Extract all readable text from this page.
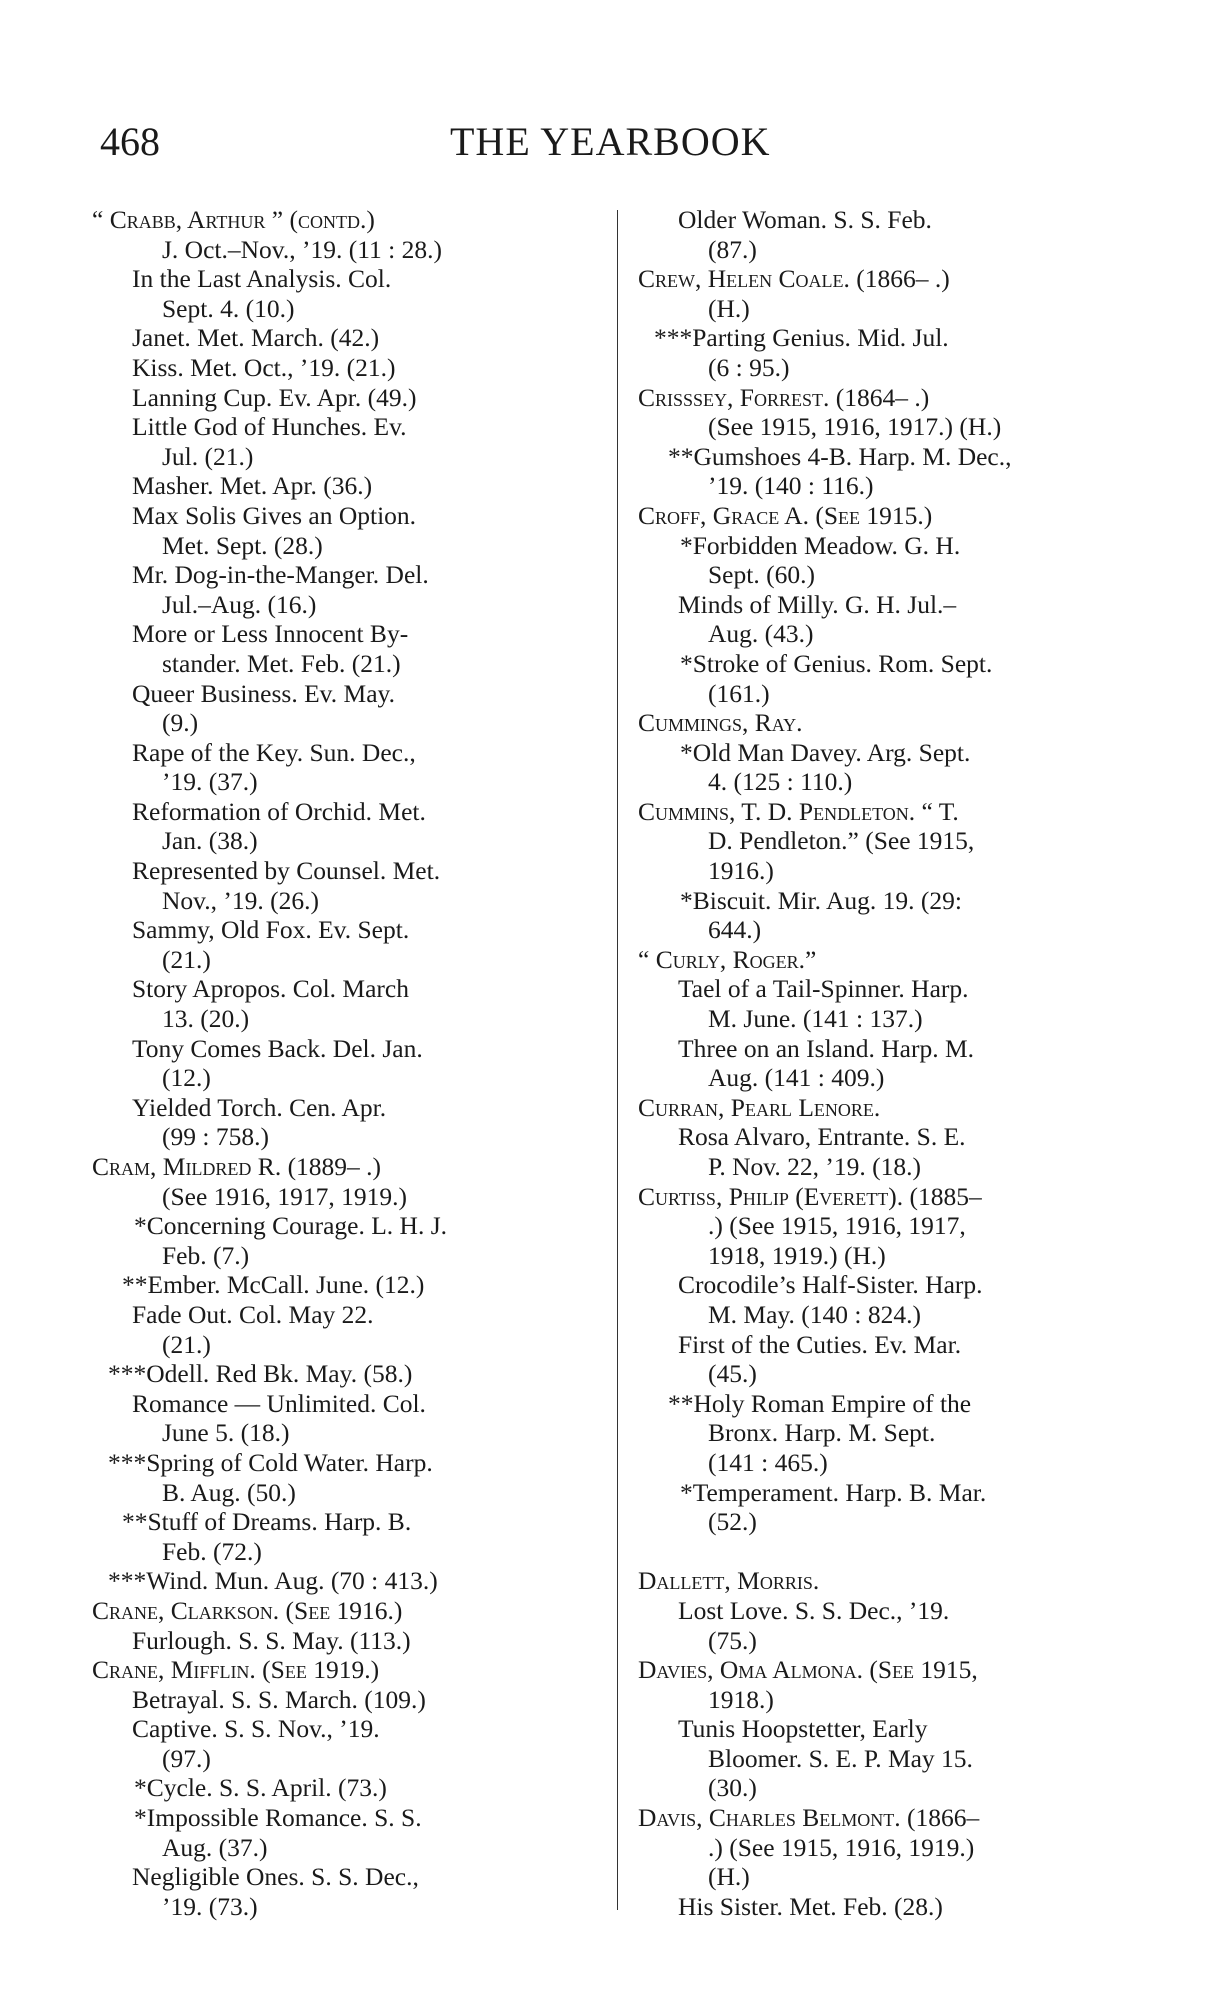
468	THE YEARBOOK
“ Crabb, Arthur ” (contd.)
J. Oct.–Nov., ’19. (11 : 28.)
In the Last Analysis. Col.
Sept. 4. (10.)
Janet. Met. March. (42.)
Kiss. Met. Oct., ’19. (21.)
Lanning Cup. Ev. Apr. (49.)
Little God of Hunches. Ev.
Jul. (21.)
Masher. Met. Apr. (36.)
Max Solis Gives an Option.
Met. Sept. (28.)
Mr. Dog-in-the-Manger. Del.
Jul.–Aug. (16.)
More or Less Innocent By-
stander. Met. Feb. (21.)
Queer Business. Ev. May.
(9.)
Rape of the Key. Sun. Dec.,
’19. (37.)
Reformation of Orchid. Met.
Jan. (38.)
Represented by Counsel. Met.
Nov., ’19. (26.)
Sammy, Old Fox. Ev. Sept.
(21.)
Story Apropos. Col. March
13. (20.)
Tony Comes Back. Del. Jan.
(12.)
Yielded Torch. Cen. Apr.
(99 : 758.)
Cram, Mildred R. (1889– .)
(See 1916, 1917, 1919.)
*Concerning Courage. L. H. J.
Feb. (7.)
**Ember. McCall. June. (12.)
Fade Out. Col. May 22.
(21.)
***Odell. Red Bk. May. (58.)
Romance — Unlimited. Col.
June 5. (18.)
***Spring of Cold Water. Harp.
B. Aug. (50.)
**Stuff of Dreams. Harp. B.
Feb. (72.)
***Wind. Mun. Aug. (70 : 413.)
Crane, Clarkson. (See 1916.)
Furlough. S. S. May. (113.)
Crane, Mifflin. (See 1919.)
Betrayal. S. S. March. (109.)
Captive. S. S. Nov., ’19.
(97.)
*Cycle. S. S. April. (73.)
*Impossible Romance. S. S.
Aug. (37.)
Negligible Ones. S. S. Dec.,
’19. (73.)
Older Woman. S. S. Feb.
(87.)
Crew, Helen Coale. (1866– .)
(H.)
***Parting Genius. Mid. Jul.
(6 : 95.)
Crisssey, Forrest. (1864– .)
(See 1915, 1916, 1917.) (H.)
**Gumshoes 4-B. Harp. M. Dec.,
’19. (140 : 116.)
Croff, Grace A. (See 1915.)
*Forbidden Meadow. G. H.
Sept. (60.)
Minds of Milly. G. H. Jul.–
Aug. (43.)
*Stroke of Genius. Rom. Sept.
(161.)
Cummings, Ray.
*Old Man Davey. Arg. Sept.
4. (125 : 110.)
Cummins, T. D. Pendleton. “ T.
D. Pendleton.” (See 1915,
1916.)
*Biscuit. Mir. Aug. 19. (29:
644.)
“ Curly, Roger.”
Tael of a Tail-Spinner. Harp.
M. June. (141 : 137.)
Three on an Island. Harp. M.
Aug. (141 : 409.)
Curran, Pearl Lenore.
Rosa Alvaro, Entrante. S. E.
P. Nov. 22, ’19. (18.)
Curtiss, Philip (Everett). (1885–
.) (See 1915, 1916, 1917,
1918, 1919.) (H.)
Crocodile’s Half-Sister. Harp.
M. May. (140 : 824.)
First of the Cuties. Ev. Mar.
(45.)
**Holy Roman Empire of the
Bronx. Harp. M. Sept.
(141 : 465.)
*Temperament. Harp. B. Mar.
(52.)
Dallett, Morris.
Lost Love. S. S. Dec., ’19.
(75.)
Davies, Oma Almona. (See 1915,
1918.)
Tunis Hoopstetter, Early
Bloomer. S. E. P. May 15.
(30.)
Davis, Charles Belmont. (1866–
.) (See 1915, 1916, 1919.)
(H.)
His Sister. Met. Feb. (28.)
